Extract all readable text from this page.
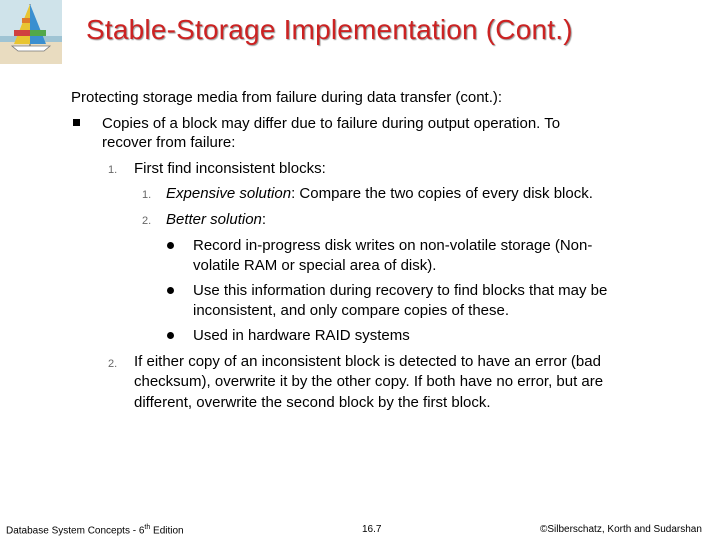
Stable-Storage Implementation (Cont.)
Protecting storage media from failure during data transfer (cont.):
Copies of a block may differ due to failure during output operation. To
recover from failure:
1. First find inconsistent blocks:
1. Expensive solution: Compare the two copies of every disk block.
2. Better solution:
Record in-progress disk writes on non-volatile storage (Non-
volatile RAM or special area of disk).
Use this information during recovery to find blocks that may be
inconsistent, and only compare copies of these.
Used in hardware RAID systems
2. If either copy of an inconsistent block is detected to have an error (bad
checksum), overwrite it by the other copy. If both have no error, but are
different, overwrite the second block by the first block.
Database System Concepts - 6th Edition	16.7	©Silberschatz, Korth and Sudarshan
